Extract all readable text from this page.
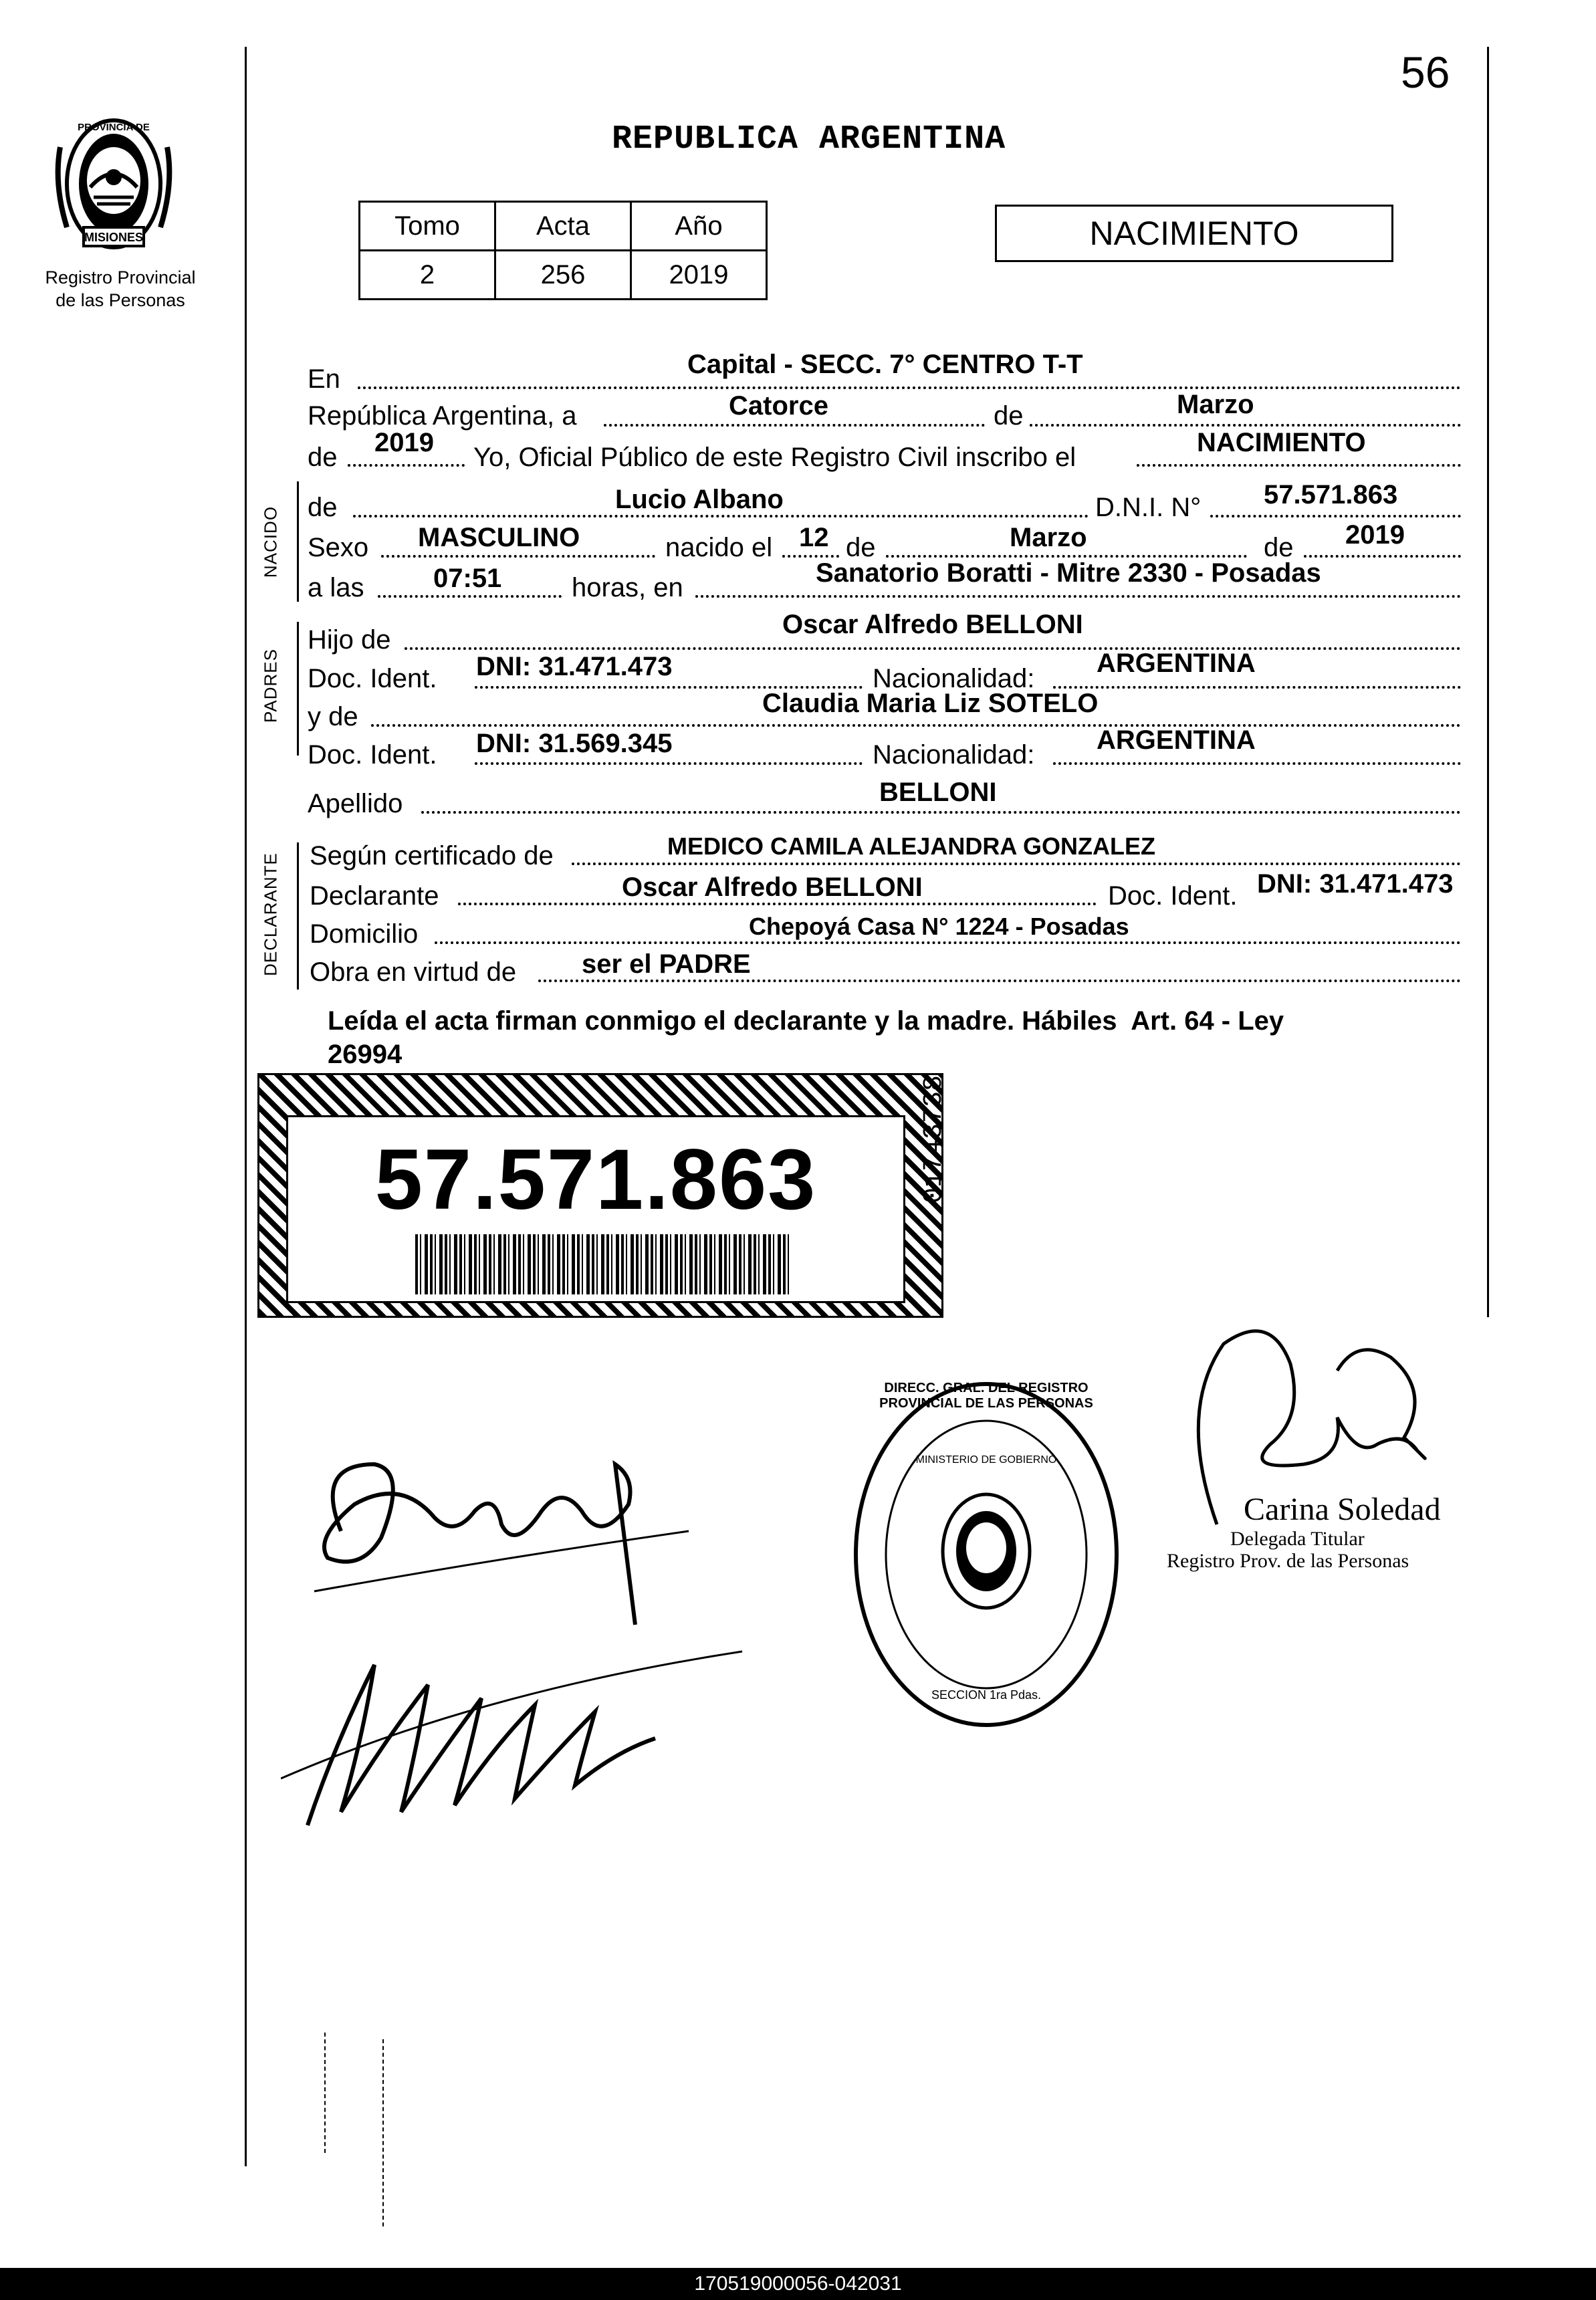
56
MISIONES
PROVINCIA DE
Registro Provincial
de las Personas
REPUBLICA ARGENTINA
Tomo	Acta	Año
2	256	2019
NACIMIENTO
En	Capital - SECC. 7° CENTRO T-T
República Argentina, a	Catorce	de	Marzo
de 2019 Yo, Oficial Público de este Registro Civil inscribo el	NACIMIENTO
NACIDO de	Lucio Albano	D.N.I. N° 57.571.863
Sexo MASCULINO	nacido el 12 de	Marzo	de 2019
a las	07:51	horas, en	Sanatorio Boratti - Mitre 2330 - Posadas
PADRES
Hijo de
Oscar Alfredo BELLONI
Doc. Ident. DNI: 31.471.473	Nacionalidad:
ARGENTINA
y de	Claudia Maria Liz SOTELO
Doc. Ident. DNI: 31.569.345	Nacionalidad: ARGENTINA
Apellido	BELLONI
DECLARANTE Según certificado de	MEDICO CAMILA ALEJANDRA GONZALEZ
Declarante	Oscar Alfredo BELLONI	Doc. Ident. DNI: 31.471.473
Domicilio	Chepoyá Casa N° 1224 - Posadas
Obra en virtud de ser el PADRE
Leída el acta firman conmigo el declarante y la madre. Hábiles  Art. 64 - Ley
26994
57.571.863	01743738
DIRECC. GRAL. DEL REGISTRO PROVINCIAL DE LAS PERSONAS
MINISTERIO DE GOBIERNO
SECCION 1ra Pdas.
Carina Soledad
Delegada Titular
Registro Prov. de las Personas
170519000056-042031
